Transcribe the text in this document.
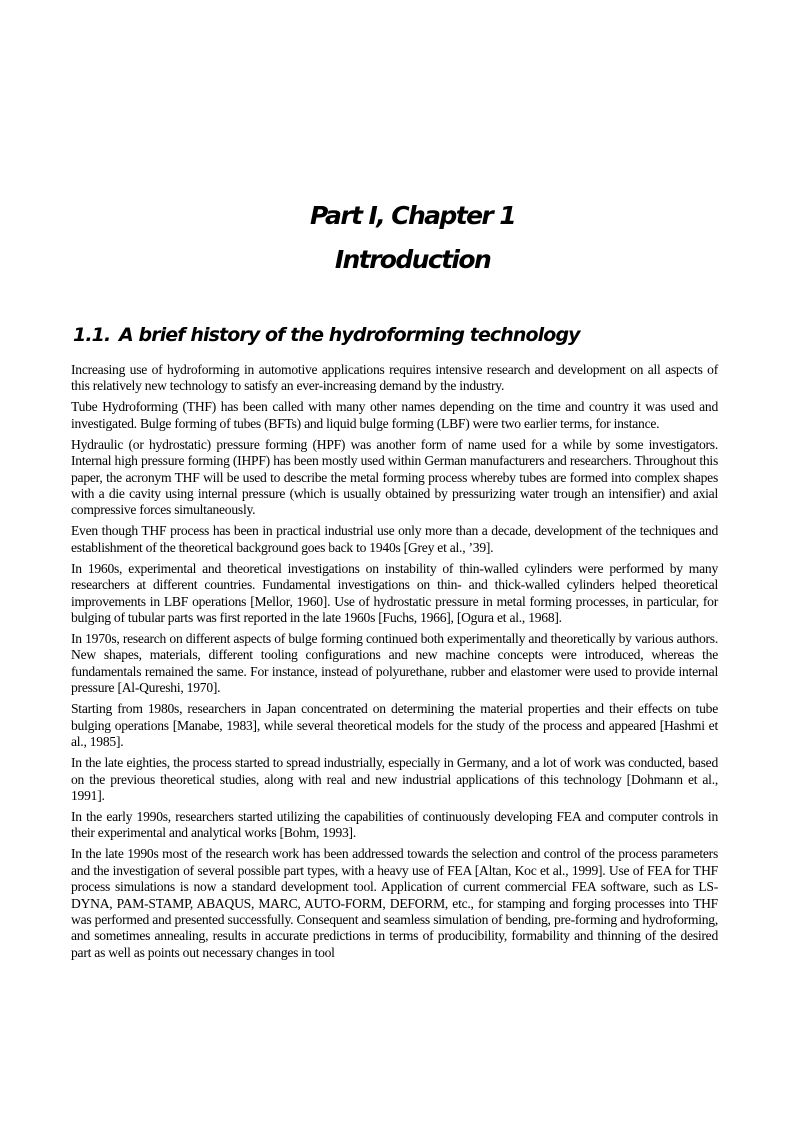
Part I, Chapter 1
Introduction
1.1. A brief history of the hydroforming technology

Increasing use of hydroforming in automotive applications requires intensive research and development on all aspects of this relatively new technology to satisfy an ever-increasing demand by the industry.

Tube Hydroforming (THF) has been called with many other names depending on the time and country it was used and investigated. Bulge forming of tubes (BFTs) and liquid bulge forming (LBF) were two earlier terms, for instance.

Hydraulic (or hydrostatic) pressure forming (HPF) was another form of name used for a while by some investigators. Internal high pressure forming (IHPF) has been mostly used within German manufacturers and researchers. Throughout this paper, the acronym THF will be used to describe the metal forming process whereby tubes are formed into complex shapes with a die cavity using internal pressure (which is usually obtained by pressurizing water trough an intensifier) and axial compressive forces simultaneously.

Even though THF process has been in practical industrial use only more than a decade, development of the techniques and establishment of the theoretical background goes back to 1940s [Grey et al., ’39].

In 1960s, experimental and theoretical investigations on instability of thin-walled cylinders were performed by many researchers at different countries. Fundamental investigations on thin- and thick-walled cylinders helped theoretical improvements in LBF operations [Mellor, 1960]. Use of hydrostatic pressure in metal forming processes, in particular, for bulging of tubular parts was first reported in the late 1960s [Fuchs, 1966], [Ogura et al., 1968].

In 1970s, research on different aspects of bulge forming continued both experimentally and theoretically by various authors. New shapes, materials, different tooling configurations and new machine concepts were introduced, whereas the fundamentals remained the same. For instance, instead of polyurethane, rubber and elastomer were used to provide internal pressure [Al-Qureshi, 1970].

Starting from 1980s, researchers in Japan concentrated on determining the material properties and their effects on tube bulging operations [Manabe, 1983], while several theoretical models for the study of the process and appeared [Hashmi et al., 1985].

In the late eighties, the process started to spread industrially, especially in Germany, and a lot of work was conducted, based on the previous theoretical studies, along with real and new industrial applications of this technology [Dohmann et al., 1991].

In the early 1990s, researchers started utilizing the capabilities of continuously developing FEA and computer controls in their experimental and analytical works [Bohm, 1993].

In the late 1990s most of the research work has been addressed towards the selection and control of the process parameters and the investigation of several possible part types, with a heavy use of FEA [Altan, Koc et al., 1999]. Use of FEA for THF process simulations is now a standard development tool. Application of current commercial FEA software, such as LS-DYNA, PAM-STAMP, ABAQUS, MARC, AUTO-FORM, DEFORM, etc., for stamping and forging processes into THF was performed and presented successfully. Consequent and seamless simulation of bending, pre-forming and hydroforming, and sometimes annealing, results in accurate predictions in terms of producibility, formability and thinning of the desired part as well as points out necessary changes in tool
